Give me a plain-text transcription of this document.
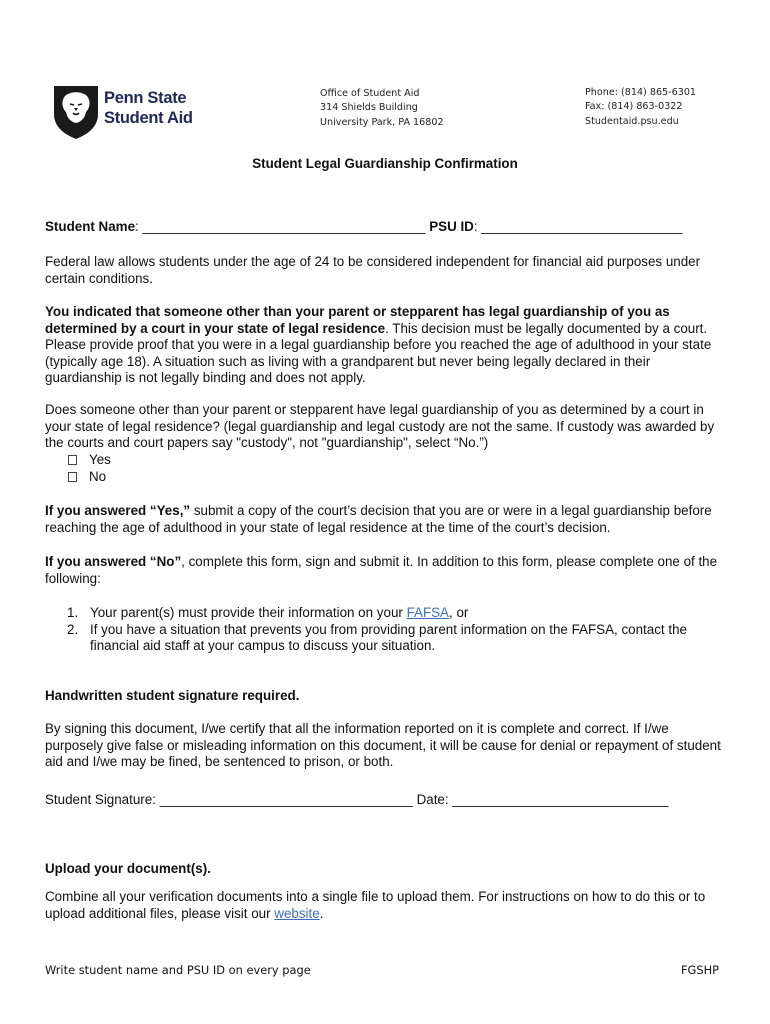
Penn State
Student Aid
Office of Student Aid
314 Shields Building
University Park, PA 16802
Phone: (814) 865-6301
Fax: (814) 863-0322
Studentaid.psu.edu
Student Legal Guardianship Confirmation
Student Name: ______________________________________ PSU ID: ___________________________

Federal law allows students under the age of 24 to be considered independent for financial aid purposes under certain conditions.

You indicated that someone other than your parent or stepparent has legal guardianship of you as determined by a court in your state of legal residence. This decision must be legally documented by a court. Please provide proof that you were in a legal guardianship before you reached the age of adulthood in your state (typically age 18). A situation such as living with a grandparent but never being legally declared in their guardianship is not legally binding and does not apply.

Does someone other than your parent or stepparent have legal guardianship of you as determined by a court in your state of legal residence? (legal guardianship and legal custody are not the same. If custody was awarded by the courts and court papers say "custody", not "guardianship", select “No.”)

Yes
No

If you answered “Yes,” submit a copy of the court’s decision that you are or were in a legal guardianship before reaching the age of adulthood in your state of legal residence at the time of the court’s decision.

If you answered “No”, complete this form, sign and submit it. In addition to this form, please complete one of the following:

1. Your parent(s) must provide their information on your FAFSA, or
2. If you have a situation that prevents you from providing parent information on the FAFSA, contact the financial aid staff at your campus to discuss your situation.

Handwritten student signature required.

By signing this document, I/we certify that all the information reported on it is complete and correct. If I/we purposely give false or misleading information on this document, it will be cause for denial or repayment of student aid and I/we may be fined, be sentenced to prison, or both.

Student Signature: __________________________________ Date: _____________________________

Upload your document(s).

Combine all your verification documents into a single file to upload them. For instructions on how to do this or to upload additional files, please visit our website.

Write student name and PSU ID on every page	FGSHP
